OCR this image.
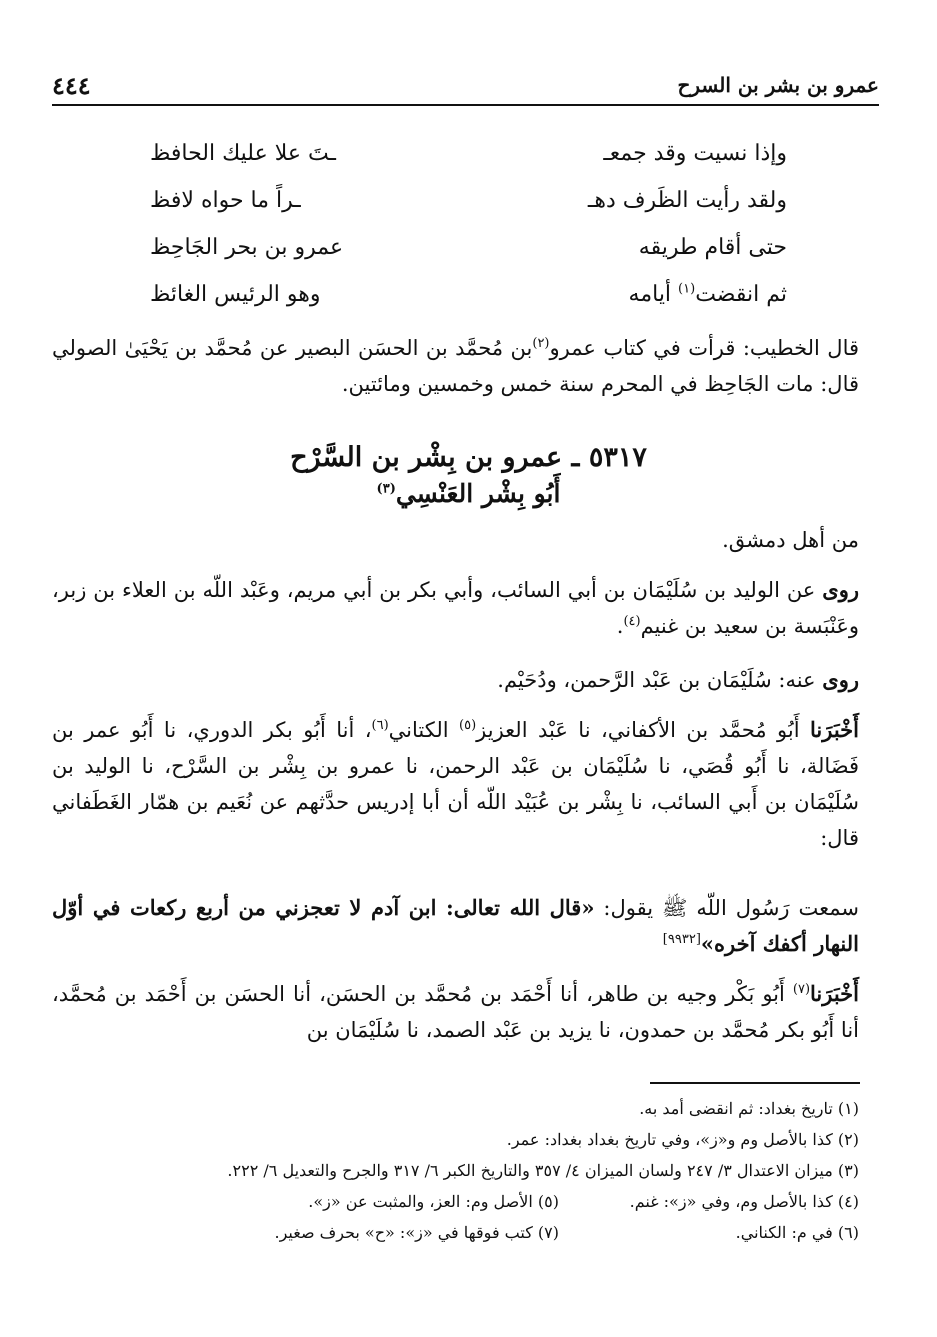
٤٤٤	عمرو بن بشر بن السرح
وإذا نسيت وقد جمعـ
ـتَ علا عليك الحافظ
ولقد رأيت الظَرف دهـ
ـراً ما حواه لافظ
حتى أقام طريقه
عمرو بن بحر الجَاحِظ
ثم انقضت$^{(١)}$ أيامه
وهو الرئيس الغائظ
قال الخطيب: قرأت في كتاب عمرو$^{(٢)}$بن مُحمَّد بن الحسَن البصير عن مُحمَّد بن يَحْيَىٰ الصولي قال: مات الجَاحِظ في المحرم سنة خمس وخمسين ومائتين.
٥٣١٧ ـ عمرو بن بِشْر بن السَّرْح
أَبُو بِشْر العَنْسِي$^{(٣)}$
من أهل دمشق.
روى عن الوليد بن سُلَيْمَان بن أبي السائب، وأبي بكر بن أبي مريم، وعَبْد اللّه بن العلاء بن زبر، وعَنْبَسة بن سعيد بن غنيم$^{(٤)}$.
روى عنه: سُلَيْمَان بن عَبْد الرَّحمن، ودُحَيْم.
أَخْبَرَنا أَبُو مُحمَّد بن الأكفاني، نا عَبْد العزيز$^{(٥)}$ الكتاني$^{(٦)}$، أنا أَبُو بكر الدوري، نا أَبُو عمر بن فَضَالة، نا أَبُو قُصَي، نا سُلَيْمَان بن عَبْد الرحمن، نا عمرو بن بِشْر بن السَّرْح، نا الوليد بن سُلَيْمَان بن أَبي السائب، نا بِشْر بن عُبَيْد اللّه أن أبا إدريس حدَّثهم عن نُعَيم بن همّار الغَطَفاني قال:
سمعت رَسُول اللّه ﷺ يقول: «قال الله تعالى: ابن آدم لا تعجزني من أربع ركعات في أوّل النهار أكفك آخره»[٩٩٣٢]
أَخْبَرَنا$^{(٧)}$ أَبُو بَكْر وجيه بن طاهر، أنا أَحْمَد بن مُحمَّد بن الحسَن، أنا الحسَن بن أَحْمَد بن مُحمَّد، أنا أَبُو بكر مُحمَّد بن حمدون، نا يزيد بن عَبْد الصمد، نا سُلَيْمَان بن
(١) تاريخ بغداد: ثم انقضى أمد به.
(٢) كذا بالأصل وم و«ز»، وفي تاريخ بغداد بغداد: عمر.
(٣) ميزان الاعتدال ٣/ ٢٤٧ ولسان الميزان ٤/ ٣٥٧ والتاريخ الكبر ٦/ ٣١٧ والجرح والتعديل ٦/ ٢٢٢.
(٤) كذا بالأصل وم، وفي «ز»: غنم.
(٥) الأصل وم: العز، والمثبت عن «ز».
(٦) في م: الكناني.
(٧) كتب فوقها في «ز»: «ح» بحرف صغير.
